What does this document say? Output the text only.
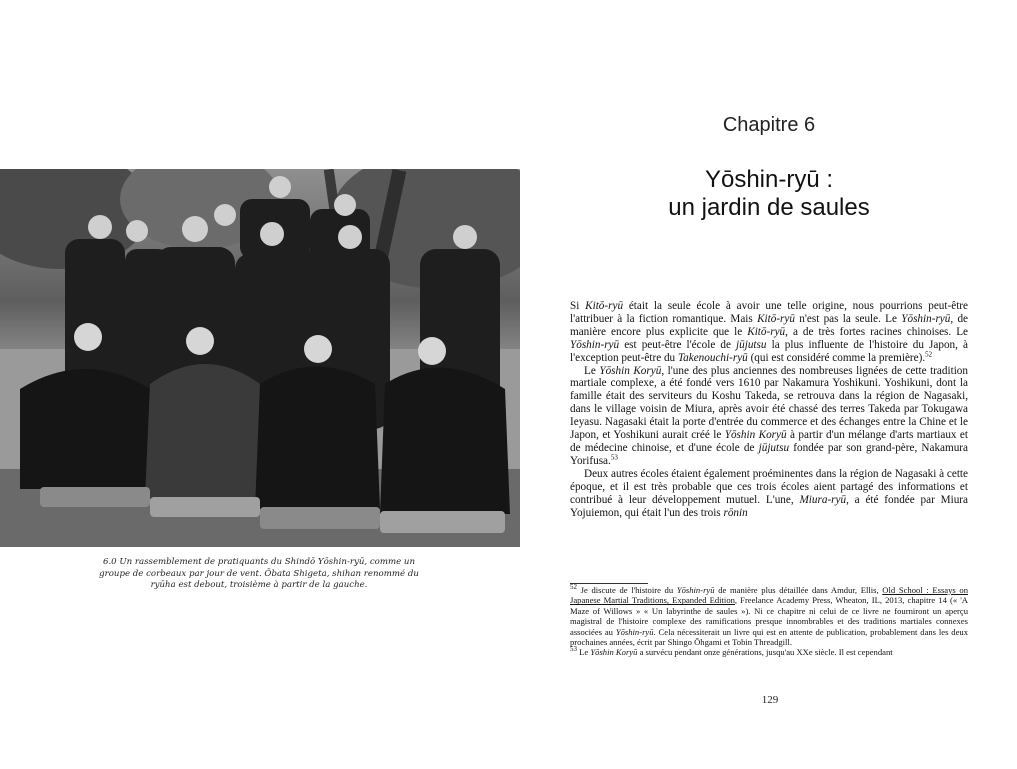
6.0 Un rassemblement de pratiquants du Shindō Yōshin-ryū, comme un
groupe de corbeaux par jour de vent. Ōbata Shigeta, shihan renommé du
ryūha est debout, troisième à partir de la gauche.
Chapitre 6
Yōshin-ryū :
un jardin de saules

Si Kitō-ryū était la seule école à avoir une telle origine, nous pourrions peut-être l'attribuer à la fiction romantique. Mais Kitō-ryū n'est pas la seule. Le Yōshin-ryū, de manière encore plus explicite que le Kitō-ryū, a de très fortes racines chinoises. Le Yōshin-ryū est peut-être l'école de jūjutsu la plus influente de l'histoire du Japon, à l'exception peut-être du Takenouchi-ryū (qui est considéré comme la première).$^{52}$

Le Yōshin Koryū, l'une des plus anciennes des nombreuses lignées de cette tradition martiale complexe, a été fondé vers 1610 par Nakamura Yoshikuni. Yoshikuni, dont la famille était des serviteurs du Koshu Takeda, se retrouva dans la région de Nagasaki, dans le village voisin de Miura, après avoir été chassé des terres Takeda par Tokugawa Ieyasu. Nagasaki était la porte d'entrée du commerce et des échanges entre la Chine et le Japon, et Yoshikuni aurait créé le Yōshin Koryū à partir d'un mélange d'arts martiaux et de médecine chinoise, et d'une école de jūjutsu fondée par son grand-père, Nakamura Yorifusa.$^{53}$

Deux autres écoles étaient également proéminentes dans la région de Nagasaki à cette époque, et il est très probable que ces trois écoles aient partagé des informations et contribué à leur développement mutuel. L'une, Miura-ryū, a été fondée par Miura Yojuiemon, qui était l'un des trois rōnin

$^{52}$ Je discute de l'histoire du Yōshin-ryū de manière plus détaillée dans Amdur, Ellis, Old School : Essays on Japanese Martial Traditions, Expanded Edition, Freelance Academy Press, Wheaton, IL, 2013, chapitre 14 (« 'A Maze of Willows » « Un labyrinthe de saules »). Ni ce chapitre ni celui de ce livre ne fourniront un aperçu magistral de l'histoire complexe des ramifications presque innombrables et des traditions martiales connexes associées au Yōshin-ryū. Cela nécessiterait un livre qui est en attente de publication, probablement dans les deux prochaines années, écrit par Shingo Ōhgami et Tobin Threadgill.

$^{53}$ Le Yōshin Koryū a survécu pendant onze générations, jusqu'au XXe siècle. Il est cependant

129
